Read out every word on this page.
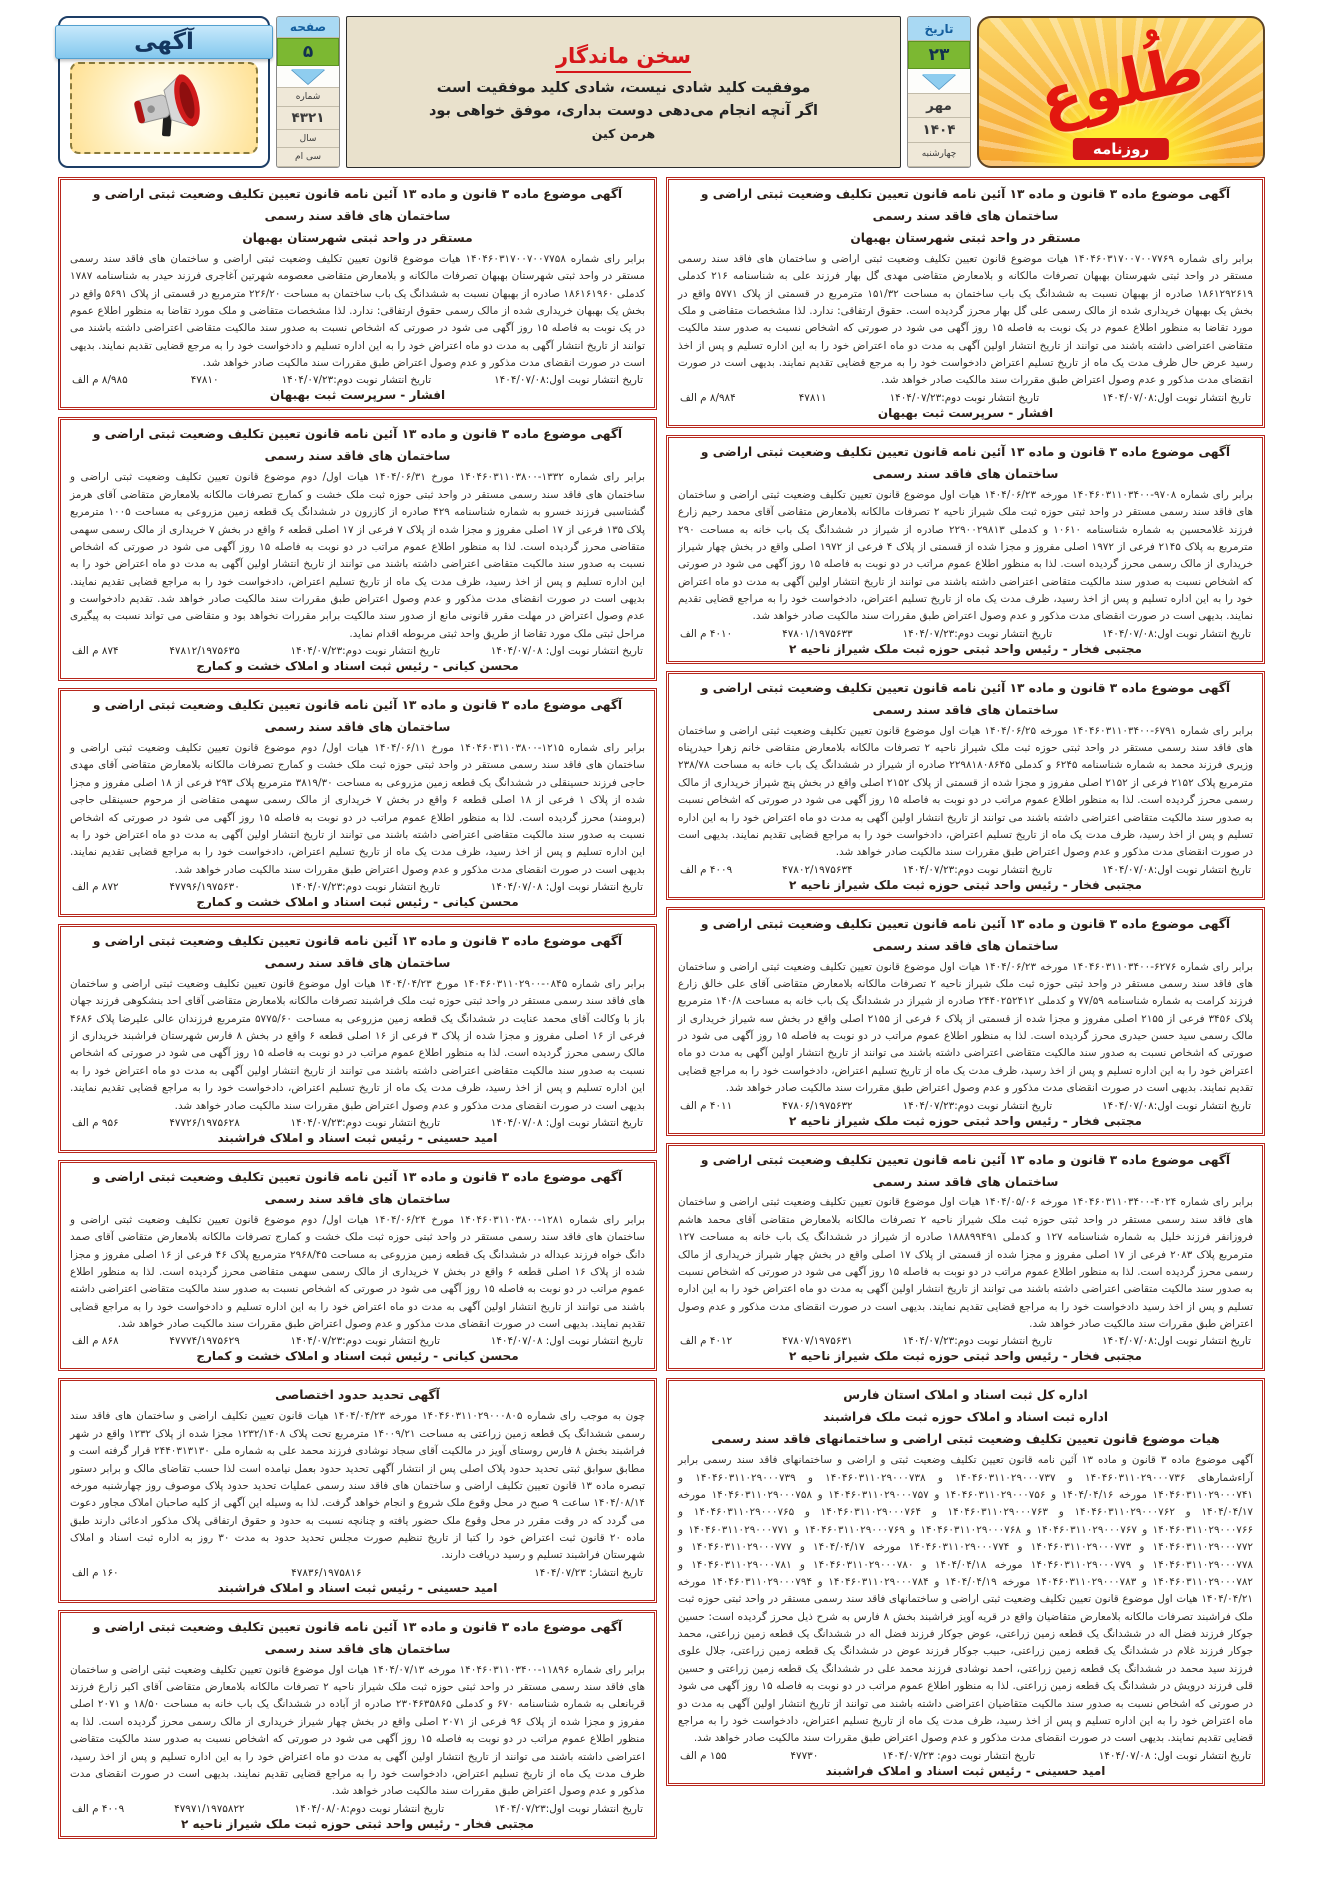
طُلوع
روزنامه
تاریخ
۲۳
مهر
۱۴۰۴
چهارشنبه
سخن ماندگار
موفقیت کلید شادی نیست، شادی کلید موفقیت است
اگر آنچه انجام می‌دهی دوست بداری، موفق خواهی بود
هرمن کین
صفحه
۵
شماره
۴۳۲۱
سال
سی ام
آگهی
آگهی موضوع ماده ۳ قانون و ماده ۱۳ آئین نامه قانون تعیین تکلیف وضعیت ثبتی اراضی و ساختمان های فاقد سند رسمی
مستقر در واحد ثبتی شهرستان بهبهان

برابر رای شماره ۱۴۰۴۶۰۳۱۷۰۰۷۰۰۷۷۶۹ هیات موضوع قانون تعیین تکلیف وضعیت ثبتی اراضی و ساختمان های فاقد سند رسمی مستقر در واحد ثبتی شهرستان بهبهان تصرفات مالکانه و بلامعارض متقاضی مهدی گل بهار فرزند علی به شناسنامه ۲۱۶ کدملی ۱۸۶۱۲۹۲۶۱۹ صادره از بهبهان نسبت به ششدانگ یک باب ساختمان به مساحت ۱۵۱/۳۲ مترمربع در قسمتی از پلاک ۵۷۷۱ واقع در بخش یک بهبهان خریداری شده از مالک رسمی علی گل بهار محرز گردیده است. حقوق ارتفاقی: ندارد. لذا مشخصات متقاضی و ملک مورد تقاضا به منظور اطلاع عموم در یک نوبت به فاصله ۱۵ روز آگهی می شود در صورتی که اشخاص نسبت به صدور سند مالکیت متقاضی اعتراضی داشته باشند می توانند از تاریخ انتشار اولین آگهی به مدت دو ماه اعتراض خود را به این اداره تسلیم و پس از اخذ رسید عرض حال ظرف مدت یک ماه از تاریخ تسلیم اعتراض دادخواست خود را به مرجع قضایی تقدیم نمایند. بدیهی است در صورت انقضای مدت مذکور و عدم وصول اعتراض طبق مقررات سند مالکیت صادر خواهد شد.

تاریخ انتشار نوبت اول:۱۴۰۴/۰۷/۰۸
تاریخ انتشار نوبت دوم:۱۴۰۴/۰۷/۲۳
۴۷۸۱۱
۸/۹۸۴ م الف
افشار - سرپرست ثبت بهبهان
آگهی موضوع ماده ۳ قانون و ماده ۱۳ آئین نامه قانون تعیین تکلیف وضعیت ثبتی اراضی و ساختمان های فاقد سند رسمی

برابر رای شماره ۹۷۰۸-۱۴۰۴۶۰۳۱۱۰۳۴۰۰ مورخه ۱۴۰۴/۰۶/۲۳ هیات اول موضوع قانون تعیین تکلیف وضعیت ثبتی اراضی و ساختمان های فاقد سند رسمی مستقر در واحد ثبتی حوزه ثبت ملک شیراز ناحیه ۲ تصرفات مالکانه بلامعارض متقاضی آقای محمد رحیم زارع فرزند غلامحسین به شماره شناسنامه ۱۰۶۱۰ و کدملی ۲۲۹۰۰۲۹۸۱۳ صادره از شیراز در ششدانگ یک باب خانه به مساحت ۲۹۰ مترمربع به پلاک ۲۱۴۵ فرعی از ۱۹۷۲ اصلی مفروز و مجزا شده از قسمتی از پلاک ۴ فرعی از ۱۹۷۲ اصلی واقع در بخش چهار شیراز خریداری از مالک رسمی محرز گردیده است. لذا به منظور اطلاع عموم مراتب در دو نوبت به فاصله ۱۵ روز آگهی می شود در صورتی که اشخاص نسبت به صدور سند مالکیت متقاضی اعتراضی داشته باشند می توانند از تاریخ انتشار اولین آگهی به مدت دو ماه اعتراض خود را به این اداره تسلیم و پس از اخذ رسید، ظرف مدت یک ماه از تاریخ تسلیم اعتراض، دادخواست خود را به مراجع قضایی تقدیم نمایند. بدیهی است در صورت انقضای مدت مذکور و عدم وصول اعتراض طبق مقررات سند مالکیت صادر خواهد شد.

تاریخ انتشار نوبت اول:۱۴۰۴/۰۷/۰۸
تاریخ انتشار نوبت دوم:۱۴۰۴/۰۷/۲۳
۴۷۸۰۱/۱۹۷۵۶۳۳
۴۰۱۰ م الف
مجتبی فخار - رئیس واحد ثبتی حوزه ثبت ملک شیراز ناحیه ۲
آگهی موضوع ماده ۳ قانون و ماده ۱۳ آئین نامه قانون تعیین تکلیف وضعیت ثبتی اراضی و ساختمان های فاقد سند رسمی

برابر رای شماره ۶۷۹۱-۱۴۰۴۶۰۳۱۱۰۳۴۰۰ مورخه ۱۴۰۴/۰۶/۲۵ هیات اول موضوع قانون تعیین تکلیف وضعیت ثبتی اراضی و ساختمان های فاقد سند رسمی مستقر در واحد ثبتی حوزه ثبت ملک شیراز ناحیه ۲ تصرفات مالکانه بلامعارض متقاضی خانم زهرا حیدرپناه وزیری فرزند محمد به شماره شناسنامه ۶۲۴۵ و کدملی ۲۲۹۸۱۸۰۸۶۴۵ صادره از شیراز در ششدانگ یک باب خانه به مساحت ۲۳۸/۷۸ مترمربع پلاک ۲۱۵۲ فرعی از ۲۱۵۲ اصلی مفروز و مجزا شده از قسمتی از پلاک ۲۱۵۲ اصلی واقع در بخش پنج شیراز خریداری از مالک رسمی محرز گردیده است. لذا به منظور اطلاع عموم مراتب در دو نوبت به فاصله ۱۵ روز آگهی می شود در صورتی که اشخاص نسبت به صدور سند مالکیت متقاضی اعتراضی داشته باشند می توانند از تاریخ انتشار اولین آگهی به مدت دو ماه اعتراض خود را به این اداره تسلیم و پس از اخذ رسید، ظرف مدت یک ماه از تاریخ تسلیم اعتراض، دادخواست خود را به مراجع قضایی تقدیم نمایند. بدیهی است در صورت انقضای مدت مذکور و عدم وصول اعتراض طبق مقررات سند مالکیت صادر خواهد شد.

تاریخ انتشار نوبت اول:۱۴۰۴/۰۷/۰۸
تاریخ انتشار نوبت دوم:۱۴۰۴/۰۷/۲۳
۴۷۸۰۲/۱۹۷۵۶۳۴
۴۰۰۹ م الف
مجتبی فخار - رئیس واحد ثبتی حوزه ثبت ملک شیراز ناحیه ۲
آگهی موضوع ماده ۳ قانون و ماده ۱۳ آئین نامه قانون تعیین تکلیف وضعیت ثبتی اراضی و ساختمان های فاقد سند رسمی

برابر رای شماره ۶۲۷۶-۱۴۰۴۶۰۳۱۱۰۳۴۰۰ مورخه ۱۴۰۴/۰۶/۲۳ هیات اول موضوع قانون تعیین تکلیف وضعیت ثبتی اراضی و ساختمان های فاقد سند رسمی مستقر در واحد ثبتی حوزه ثبت ملک شیراز ناحیه ۲ تصرفات مالکانه بلامعارض متقاضی آقای علی خالق زارع فرزند کرامت به شماره شناسنامه ۷۷/۵۹ و کدملی ۲۴۴۰۲۵۲۴۱۲ صادره از شیراز در ششدانگ یک باب خانه به مساحت ۱۴۰/۸ مترمربع پلاک ۳۴۵۶ فرعی از ۲۱۵۵ اصلی مفروز و مجزا شده از قسمتی از پلاک ۶ فرعی از ۲۱۵۵ اصلی واقع در بخش سه شیراز خریداری از مالک رسمی سید حسن حیدری محرز گردیده است. لذا به منظور اطلاع عموم مراتب در دو نوبت به فاصله ۱۵ روز آگهی می شود در صورتی که اشخاص نسبت به صدور سند مالکیت متقاضی اعتراضی داشته باشند می توانند از تاریخ انتشار اولین آگهی به مدت دو ماه اعتراض خود را به این اداره تسلیم و پس از اخذ رسید، ظرف مدت یک ماه از تاریخ تسلیم اعتراض، دادخواست خود را به مراجع قضایی تقدیم نمایند. بدیهی است در صورت انقضای مدت مذکور و عدم وصول اعتراض طبق مقررات سند مالکیت صادر خواهد شد.

تاریخ انتشار نوبت اول:۱۴۰۴/۰۷/۰۸
تاریخ انتشار نوبت دوم:۱۴۰۴/۰۷/۲۳
۴۷۸۰۶/۱۹۷۵۶۳۲
۴۰۱۱ م الف
مجتبی فخار - رئیس واحد ثبتی حوزه ثبت ملک شیراز ناحیه ۲
آگهی موضوع ماده ۳ قانون و ماده ۱۳ آئین نامه قانون تعیین تکلیف وضعیت ثبتی اراضی و ساختمان های فاقد سند رسمی

برابر رای شماره ۴۰۲۴-۱۴۰۴۶۰۳۱۱۰۳۴۰۰ مورخه ۱۴۰۴/۰۵/۰۶ هیات اول موضوع قانون تعیین تکلیف وضعیت ثبتی اراضی و ساختمان های فاقد سند رسمی مستقر در واحد ثبتی حوزه ثبت ملک شیراز ناحیه ۲ تصرفات مالکانه بلامعارض متقاضی آقای محمد هاشم فروزانفر فرزند خلیل به شماره شناسنامه ۱۲۷ و کدملی ۱۸۸۸۹۹۴۹۱ صادره از شیراز در ششدانگ یک باب خانه به مساحت ۱۲۷ مترمربع پلاک ۲۰۸۳ فرعی از ۱۷ اصلی مفروز و مجزا شده از قسمتی از پلاک ۱۷ اصلی واقع در بخش چهار شیراز خریداری از مالک رسمی محرز گردیده است. لذا به منظور اطلاع عموم مراتب در دو نوبت به فاصله ۱۵ روز آگهی می شود در صورتی که اشخاص نسبت به صدور سند مالکیت متقاضی اعتراضی داشته باشند می توانند از تاریخ انتشار اولین آگهی به مدت دو ماه اعتراض خود را به این اداره تسلیم و پس از اخذ رسید دادخواست خود را به مراجع قضایی تقدیم نمایند. بدیهی است در صورت انقضای مدت مذکور و عدم وصول اعتراض طبق مقررات سند مالکیت صادر خواهد شد.

تاریخ انتشار نوبت اول:۱۴۰۴/۰۷/۰۸
تاریخ انتشار نوبت دوم:۱۴۰۴/۰۷/۲۳
۴۷۸۰۷/۱۹۷۵۶۳۱
۴۰۱۲ م الف
مجتبی فخار - رئیس واحد ثبتی حوزه ثبت ملک شیراز ناحیه ۲
اداره کل ثبت اسناد و املاک استان فارس
اداره ثبت اسناد و املاک حوزه ثبت ملک فراشبند
هیات موضوع قانون تعیین تکلیف وضعیت ثبتی اراضی و ساختمانهای فاقد سند رسمی

آگهی موضوع ماده ۳ قانون و ماده ۱۳ آئین نامه قانون تعیین تکلیف وضعیت ثبتی و اراضی و ساختمانهای فاقد سند رسمی برابر آراءشمارهای ۱۴۰۴۶۰۳۱۱۰۲۹۰۰۰۷۳۶ و ۱۴۰۴۶۰۳۱۱۰۲۹۰۰۰۷۳۷ و ۱۴۰۴۶۰۳۱۱۰۲۹۰۰۰۷۳۸ و ۱۴۰۴۶۰۳۱۱۰۲۹۰۰۰۷۳۹ و ۱۴۰۴۶۰۳۱۱۰۲۹۰۰۰۷۴۱ مورخه ۱۴۰۴/۰۴/۱۶ و ۱۴۰۴۶۰۳۱۱۰۲۹۰۰۰۷۵۶ و ۱۴۰۴۶۰۳۱۱۰۲۹۰۰۰۷۵۷ و ۱۴۰۴۶۰۳۱۱۰۲۹۰۰۰۷۵۸ مورخه ۱۴۰۴/۰۴/۱۷ و ۱۴۰۴۶۰۳۱۱۰۲۹۰۰۰۷۶۲ و ۱۴۰۴۶۰۳۱۱۰۲۹۰۰۰۷۶۳ و ۱۴۰۴۶۰۳۱۱۰۲۹۰۰۰۷۶۴ و ۱۴۰۴۶۰۳۱۱۰۲۹۰۰۰۷۶۵ و ۱۴۰۴۶۰۳۱۱۰۲۹۰۰۰۷۶۶ و ۱۴۰۴۶۰۳۱۱۰۲۹۰۰۰۷۶۷ و ۱۴۰۴۶۰۳۱۱۰۲۹۰۰۰۷۶۸ و ۱۴۰۴۶۰۳۱۱۰۲۹۰۰۰۷۶۹ و ۱۴۰۴۶۰۳۱۱۰۲۹۰۰۰۷۷۱ و ۱۴۰۴۶۰۳۱۱۰۲۹۰۰۰۷۷۲ و ۱۴۰۴۶۰۳۱۱۰۲۹۰۰۰۷۷۳ و ۱۴۰۴۶۰۳۱۱۰۲۹۰۰۰۷۷۴ مورخه ۱۴۰۴/۰۴/۱۷ و ۱۴۰۴۶۰۳۱۱۰۲۹۰۰۰۷۷۷ و ۱۴۰۴۶۰۳۱۱۰۲۹۰۰۰۷۷۸ و ۱۴۰۴۶۰۳۱۱۰۲۹۰۰۰۷۷۹ مورخه ۱۴۰۴/۰۴/۱۸ و ۱۴۰۴۶۰۳۱۱۰۲۹۰۰۰۷۸۰ و ۱۴۰۴۶۰۳۱۱۰۲۹۰۰۰۷۸۱ و ۱۴۰۴۶۰۳۱۱۰۲۹۰۰۰۷۸۲ و ۱۴۰۴۶۰۳۱۱۰۲۹۰۰۰۷۸۳ مورخه ۱۴۰۴/۰۴/۱۹ و ۱۴۰۴۶۰۳۱۱۰۲۹۰۰۰۷۸۴ و ۱۴۰۴۶۰۳۱۱۰۲۹۰۰۰۷۹۴ مورخه ۱۴۰۴/۰۴/۲۱ هیات اول موضوع قانون تعیین تکلیف وضعیت ثبتی اراضی و ساختمانهای فاقد سند رسمی مستقر در واحد ثبتی حوزه ثبت ملک فراشبند تصرفات مالکانه بلامعارض متقاضیان واقع در قریه آویز فراشبند بخش ۸ فارس به شرح ذیل محرز گردیده است: حسین جوکار فرزند فضل اله در ششدانگ یک قطعه زمین زراعتی، عوض جوکار فرزند فضل اله در ششدانگ یک قطعه زمین زراعتی، محمد جوکار فرزند غلام در ششدانگ یک قطعه زمین زراعتی، حبیب جوکار فرزند عوض در ششدانگ یک قطعه زمین زراعتی، جلال علوی فرزند سید محمد در ششدانگ یک قطعه زمین زراعتی، احمد نوشادی فرزند محمد علی در ششدانگ یک قطعه زمین زراعتی و حسین قلی فرزند درویش در ششدانگ یک قطعه زمین زراعتی. لذا به منظور اطلاع عموم مراتب در دو نوبت به فاصله ۱۵ روز آگهی می شود در صورتی که اشخاص نسبت به صدور سند مالکیت متقاضیان اعتراضی داشته باشند می توانند از تاریخ انتشار اولین آگهی به مدت دو ماه اعتراض خود را به این اداره تسلیم و پس از اخذ رسید، ظرف مدت یک ماه از تاریخ تسلیم اعتراض، دادخواست خود را به مراجع قضایی تقدیم نمایند. بدیهی است در صورت انقضای مدت مذکور و عدم وصول اعتراض طبق مقررات سند مالکیت صادر خواهد شد.

تاریخ انتشار نوبت اول: ۱۴۰۴/۰۷/۰۸
تاریخ انتشار نوبت دوم: ۱۴۰۴/۰۷/۲۳
۴۷۷۳۰
۱۵۵ م الف
امید حسینی - رئیس ثبت اسناد و املاک فراشبند
آگهی موضوع ماده ۳ قانون و ماده ۱۳ آئین نامه قانون تعیین تکلیف وضعیت ثبتی اراضی و ساختمان های فاقد سند رسمی
مستقر در واحد ثبتی شهرستان بهبهان

برابر رای شماره ۱۴۰۴۶۰۳۱۷۰۰۷۰۰۷۷۵۸ هیات موضوع قانون تعیین تکلیف وضعیت ثبتی اراضی و ساختمان های فاقد سند رسمی مستقر در واحد ثبتی شهرستان بهبهان تصرفات مالکانه و بلامعارض متقاضی معصومه شهرتین آغاجری فرزند حیدر به شناسنامه ۱۷۸۷ کدملی ۱۸۶۱۶۱۹۶۰ صادره از بهبهان نسبت به ششدانگ یک باب ساختمان به مساحت ۲۲۶/۲۰ مترمربع در قسمتی از پلاک ۵۶۹۱ واقع در بخش یک بهبهان خریداری شده از مالک رسمی حقوق ارتفاقی: ندارد. لذا مشخصات متقاضی و ملک مورد تقاضا به منظور اطلاع عموم در یک نوبت به فاصله ۱۵ روز آگهی می شود در صورتی که اشخاص نسبت به صدور سند مالکیت متقاضی اعتراضی داشته باشند می توانند از تاریخ انتشار آگهی به مدت دو ماه اعتراض خود را به این اداره تسلیم و دادخواست خود را به مرجع قضایی تقدیم نمایند. بدیهی است در صورت انقضای مدت مذکور و عدم وصول اعتراض طبق مقررات سند مالکیت صادر خواهد شد.

تاریخ انتشار نوبت اول:۱۴۰۴/۰۷/۰۸
تاریخ انتشار نوبت دوم:۱۴۰۴/۰۷/۲۳
۴۷۸۱۰
۸/۹۸۵ م الف
افشار - سرپرست ثبت بهبهان
آگهی موضوع ماده ۳ قانون و ماده ۱۳ آئین نامه قانون تعیین تکلیف وضعیت ثبتی اراضی و ساختمان های فاقد سند رسمی

برابر رای شماره ۱۳۳۲-۱۴۰۴۶۰۳۱۱۰۳۸۰۰ مورخ ۱۴۰۴/۰۶/۳۱ هیات اول/ دوم موضوع قانون تعیین تکلیف وضعیت ثبتی اراضی و ساختمان های فاقد سند رسمی مستقر در واحد ثبتی حوزه ثبت ملک خشت و کمارج تصرفات مالکانه بلامعارض متقاضی آقای هرمز گشتاسبی فرزند خسرو به شماره شناسنامه ۴۲۹ صادره از کازرون در ششدانگ یک قطعه زمین مزروعی به مساحت ۱۰۰۵ مترمربع پلاک ۱۳۵ فرعی از ۱۷ اصلی مفروز و مجزا شده از پلاک ۷ فرعی از ۱۷ اصلی قطعه ۶ واقع در بخش ۷ خریداری از مالک رسمی سهمی متقاضی محرز گردیده است. لذا به منظور اطلاع عموم مراتب در دو نوبت به فاصله ۱۵ روز آگهی می شود در صورتی که اشخاص نسبت به صدور سند مالکیت متقاضی اعتراضی داشته باشند می توانند از تاریخ انتشار اولین آگهی به مدت دو ماه اعتراض خود را به این اداره تسلیم و پس از اخذ رسید، ظرف مدت یک ماه از تاریخ تسلیم اعتراض، دادخواست خود را به مراجع قضایی تقدیم نمایند. بدیهی است در صورت انقضای مدت مذکور و عدم وصول اعتراض طبق مقررات سند مالکیت صادر خواهد شد. تقدیم دادخواست و عدم وصول اعتراض در مهلت مقرر قانونی مانع از صدور سند مالکیت برابر مقررات نخواهد بود و متقاضی می تواند نسبت به پیگیری مراحل ثبتی ملک مورد تقاضا از طریق واحد ثبتی مربوطه اقدام نماید.

تاریخ انتشار نوبت اول: ۱۴۰۴/۰۷/۰۸
تاریخ انتشار نوبت دوم:۱۴۰۴/۰۷/۲۳
۴۷۸۱۲/۱۹۷۵۶۳۵
۸۷۴ م الف
محسن کیانی - رئیس ثبت اسناد و املاک خشت و کمارج
آگهی موضوع ماده ۳ قانون و ماده ۱۳ آئین نامه قانون تعیین تکلیف وضعیت ثبتی اراضی و ساختمان های فاقد سند رسمی

برابر رای شماره ۱۲۱۵-۱۴۰۴۶۰۳۱۱۰۳۸۰۰ مورخ ۱۴۰۴/۰۶/۱۱ هیات اول/ دوم موضوع قانون تعیین تکلیف وضعیت ثبتی اراضی و ساختمان های فاقد سند رسمی مستقر در واحد ثبتی حوزه ثبت ملک خشت و کمارج تصرفات مالکانه بلامعارض متقاضی آقای مهدی حاجی فرزند حسینقلی در ششدانگ یک قطعه زمین مزروعی به مساحت ۳۸۱۹/۳۰ مترمربع پلاک ۲۹۳ فرعی از ۱۸ اصلی مفروز و مجزا شده از پلاک ۱ فرعی از ۱۸ اصلی قطعه ۶ واقع در بخش ۷ خریداری از مالک رسمی سهمی متقاضی از مرحوم حسینقلی حاجی (برومند) محرز گردیده است. لذا به منظور اطلاع عموم مراتب در دو نوبت به فاصله ۱۵ روز آگهی می شود در صورتی که اشخاص نسبت به صدور سند مالکیت متقاضی اعتراضی داشته باشند می توانند از تاریخ انتشار اولین آگهی به مدت دو ماه اعتراض خود را به این اداره تسلیم و پس از اخذ رسید، ظرف مدت یک ماه از تاریخ تسلیم اعتراض، دادخواست خود را به مراجع قضایی تقدیم نمایند. بدیهی است در صورت انقضای مدت مذکور و عدم وصول اعتراض طبق مقررات سند مالکیت صادر خواهد شد.

تاریخ انتشار نوبت اول: ۱۴۰۴/۰۷/۰۸
تاریخ انتشار نوبت دوم:۱۴۰۴/۰۷/۲۳
۴۷۷۹۶/۱۹۷۵۶۳۰
۸۷۲ م الف
محسن کیانی - رئیس ثبت اسناد و املاک خشت و کمارج
آگهی موضوع ماده ۳ قانون و ماده ۱۳ آئین نامه قانون تعیین تکلیف وضعیت ثبتی اراضی و ساختمان های فاقد سند رسمی

برابر رای شماره ۰۸۴۵-۱۴۰۴۶۰۳۱۱۰۲۹۰۰ مورخ ۱۴۰۴/۰۴/۲۳ هیات اول موضوع قانون تعیین تکلیف وضعیت ثبتی اراضی و ساختمان های فاقد سند رسمی مستقر در واحد ثبتی حوزه ثبت ملک فراشبند تصرفات مالکانه بلامعارض متقاضی آقای احد بنشکوهی فرزند جهان باز با وکالت آقای محمد عنایت در ششدانگ یک قطعه زمین مزروعی به مساحت ۵۷۷۵/۶۰ مترمربع فرزندان عالی علیرضا پلاک ۴۶۸۶ فرعی از ۱۶ اصلی مفروز و مجزا شده از پلاک ۳ فرعی از ۱۶ اصلی قطعه ۶ واقع در بخش ۸ فارس شهرستان فراشبند خریداری از مالک رسمی محرز گردیده است. لذا به منظور اطلاع عموم مراتب در دو نوبت به فاصله ۱۵ روز آگهی می شود در صورتی که اشخاص نسبت به صدور سند مالکیت متقاضی اعتراضی داشته باشند می توانند از تاریخ انتشار اولین آگهی به مدت دو ماه اعتراض خود را به این اداره تسلیم و پس از اخذ رسید، ظرف مدت یک ماه از تاریخ تسلیم اعتراض، دادخواست خود را به مراجع قضایی تقدیم نمایند. بدیهی است در صورت انقضای مدت مذکور و عدم وصول اعتراض طبق مقررات سند مالکیت صادر خواهد شد.

تاریخ انتشار نوبت اول: ۱۴۰۴/۰۷/۰۸
تاریخ انتشار نوبت دوم:۱۴۰۴/۰۷/۲۳
۴۷۷۲۶/۱۹۷۵۶۲۸
۹۵۶ م الف
امید حسینی - رئیس ثبت اسناد و املاک فراشبند
آگهی موضوع ماده ۳ قانون و ماده ۱۳ آئین نامه قانون تعیین تکلیف وضعیت ثبتی اراضی و ساختمان های فاقد سند رسمی

برابر رای شماره ۱۲۸۱-۱۴۰۴۶۰۳۱۱۰۳۸۰۰ مورخ ۱۴۰۴/۰۶/۲۴ هیات اول/ دوم موضوع قانون تعیین تکلیف وضعیت ثبتی اراضی و ساختمان های فاقد سند رسمی مستقر در واحد ثبتی حوزه ثبت ملک خشت و کمارج تصرفات مالکانه بلامعارض متقاضی آقای صمد دانگ خواه فرزند عبداله در ششدانگ یک قطعه زمین مزروعی به مساحت ۲۹۶۸/۴۵ مترمربع پلاک ۴۶ فرعی از ۱۶ اصلی مفروز و مجزا شده از پلاک ۱۶ اصلی قطعه ۶ واقع در بخش ۷ خریداری از مالک رسمی سهمی متقاضی محرز گردیده است. لذا به منظور اطلاع عموم مراتب در دو نوبت به فاصله ۱۵ روز آگهی می شود در صورتی که اشخاص نسبت به صدور سند مالکیت متقاضی اعتراضی داشته باشند می توانند از تاریخ انتشار اولین آگهی به مدت دو ماه اعتراض خود را به این اداره تسلیم و دادخواست خود را به مراجع قضایی تقدیم نمایند. بدیهی است در صورت انقضای مدت مذکور و عدم وصول اعتراض طبق مقررات سند مالکیت صادر خواهد شد.

تاریخ انتشار نوبت اول: ۱۴۰۴/۰۷/۰۸
تاریخ انتشار نوبت دوم:۱۴۰۴/۰۷/۲۳
۴۷۷۷۴/۱۹۷۵۶۲۹
۸۶۸ م الف
محسن کیانی - رئیس ثبت اسناد و املاک خشت و کمارج
آگهی تحدید حدود اختصاصی

چون به موجب رای شماره ۱۴۰۴۶۰۳۱۱۰۲۹۰۰۰۸۰۵ مورخه ۱۴۰۴/۰۴/۲۳ هیات قانون تعیین تکلیف اراضی و ساختمان های فاقد سند رسمی ششدانگ یک قطعه زمین زراعتی به مساحت ۱۴۰۰۹/۲۱ مترمربع تحت پلاک ۱۲۳۲/۱۴۰۸ مجزا شده از پلاک ۱۲۳۲ واقع در شهر فراشبند بخش ۸ فارس روستای آویز در مالکیت آقای سجاد نوشادی فرزند محمد علی به شماره ملی ۲۴۴۰۳۱۳۱۳۰ قرار گرفته است و مطابق سوابق ثبتی تحدید حدود پلاک اصلی پس از انتشار آگهی تحدید حدود بعمل نیامده است لذا حسب تقاضای مالک و برابر دستور تبصره ماده ۱۳ قانون تعیین تکلیف اراضی و ساختمان های فاقد سند رسمی عملیات تحدید حدود پلاک موصوف روز چهارشنبه مورخه ۱۴۰۴/۰۸/۱۴ ساعت ۹ صبح در محل وقوع ملک شروع و انجام خواهد گرفت. لذا به وسیله این آگهی از کلیه صاحبان املاک مجاور دعوت می گردد که در وقت مقرر در محل وقوع ملک حضور یافته و چنانچه نسبت به حدود و حقوق ارتفاقی پلاک مذکور ادعائی دارند طبق ماده ۲۰ قانون ثبت اعتراض خود را کتبا از تاریخ تنظیم صورت مجلس تحدید حدود به مدت ۳۰ روز به اداره ثبت اسناد و املاک شهرستان فراشبند تسلیم و رسید دریافت دارند.

تاریخ انتشار: ۱۴۰۴/۰۷/۲۳
۴۷۸۳۶/۱۹۷۵۸۱۶
۱۶۰ م الف
امید حسینی - رئیس ثبت اسناد و املاک فراشبند
آگهی موضوع ماده ۳ قانون و ماده ۱۳ آئین نامه قانون تعیین تکلیف وضعیت ثبتی اراضی و ساختمان های فاقد سند رسمی

برابر رای شماره ۱۱۸۹۶-۱۴۰۴۶۰۳۱۱۰۳۴۰۰ مورخه ۱۴۰۴/۰۷/۱۳ هیات اول موضوع قانون تعیین تکلیف وضعیت ثبتی اراضی و ساختمان های فاقد سند رسمی مستقر در واحد ثبتی حوزه ثبت ملک شیراز ناحیه ۲ تصرفات مالکانه بلامعارض متقاضی آقای اکبر زارع فرزند قربانعلی به شماره شناسنامه ۶۷۰ و کدملی ۲۳۰۴۶۳۵۸۶۵ صادره از آباده در ششدانگ یک باب خانه به مساحت ۱۸/۵۰ و ۲۰۷۱ اصلی مفروز و مجزا شده از پلاک ۹۶ فرعی از ۲۰۷۱ اصلی واقع در بخش چهار شیراز خریداری از مالک رسمی محرز گردیده است. لذا به منظور اطلاع عموم مراتب در دو نوبت به فاصله ۱۵ روز آگهی می شود در صورتی که اشخاص نسبت به صدور سند مالکیت متقاضی اعتراضی داشته باشند می توانند از تاریخ انتشار اولین آگهی به مدت دو ماه اعتراض خود را به این اداره تسلیم و پس از اخذ رسید، ظرف مدت یک ماه از تاریخ تسلیم اعتراض، دادخواست خود را به مراجع قضایی تقدیم نمایند. بدیهی است در صورت انقضای مدت مذکور و عدم وصول اعتراض طبق مقررات سند مالکیت صادر خواهد شد.

تاریخ انتشار نوبت اول:۱۴۰۴/۰۷/۲۳
تاریخ انتشار نوبت دوم:۱۴۰۴/۰۸/۰۸
۴۷۹۷۱/۱۹۷۵۸۲۲
۴۰۰۹ م الف
مجتبی فخار - رئیس واحد ثبتی حوزه ثبت ملک شیراز ناحیه ۲
